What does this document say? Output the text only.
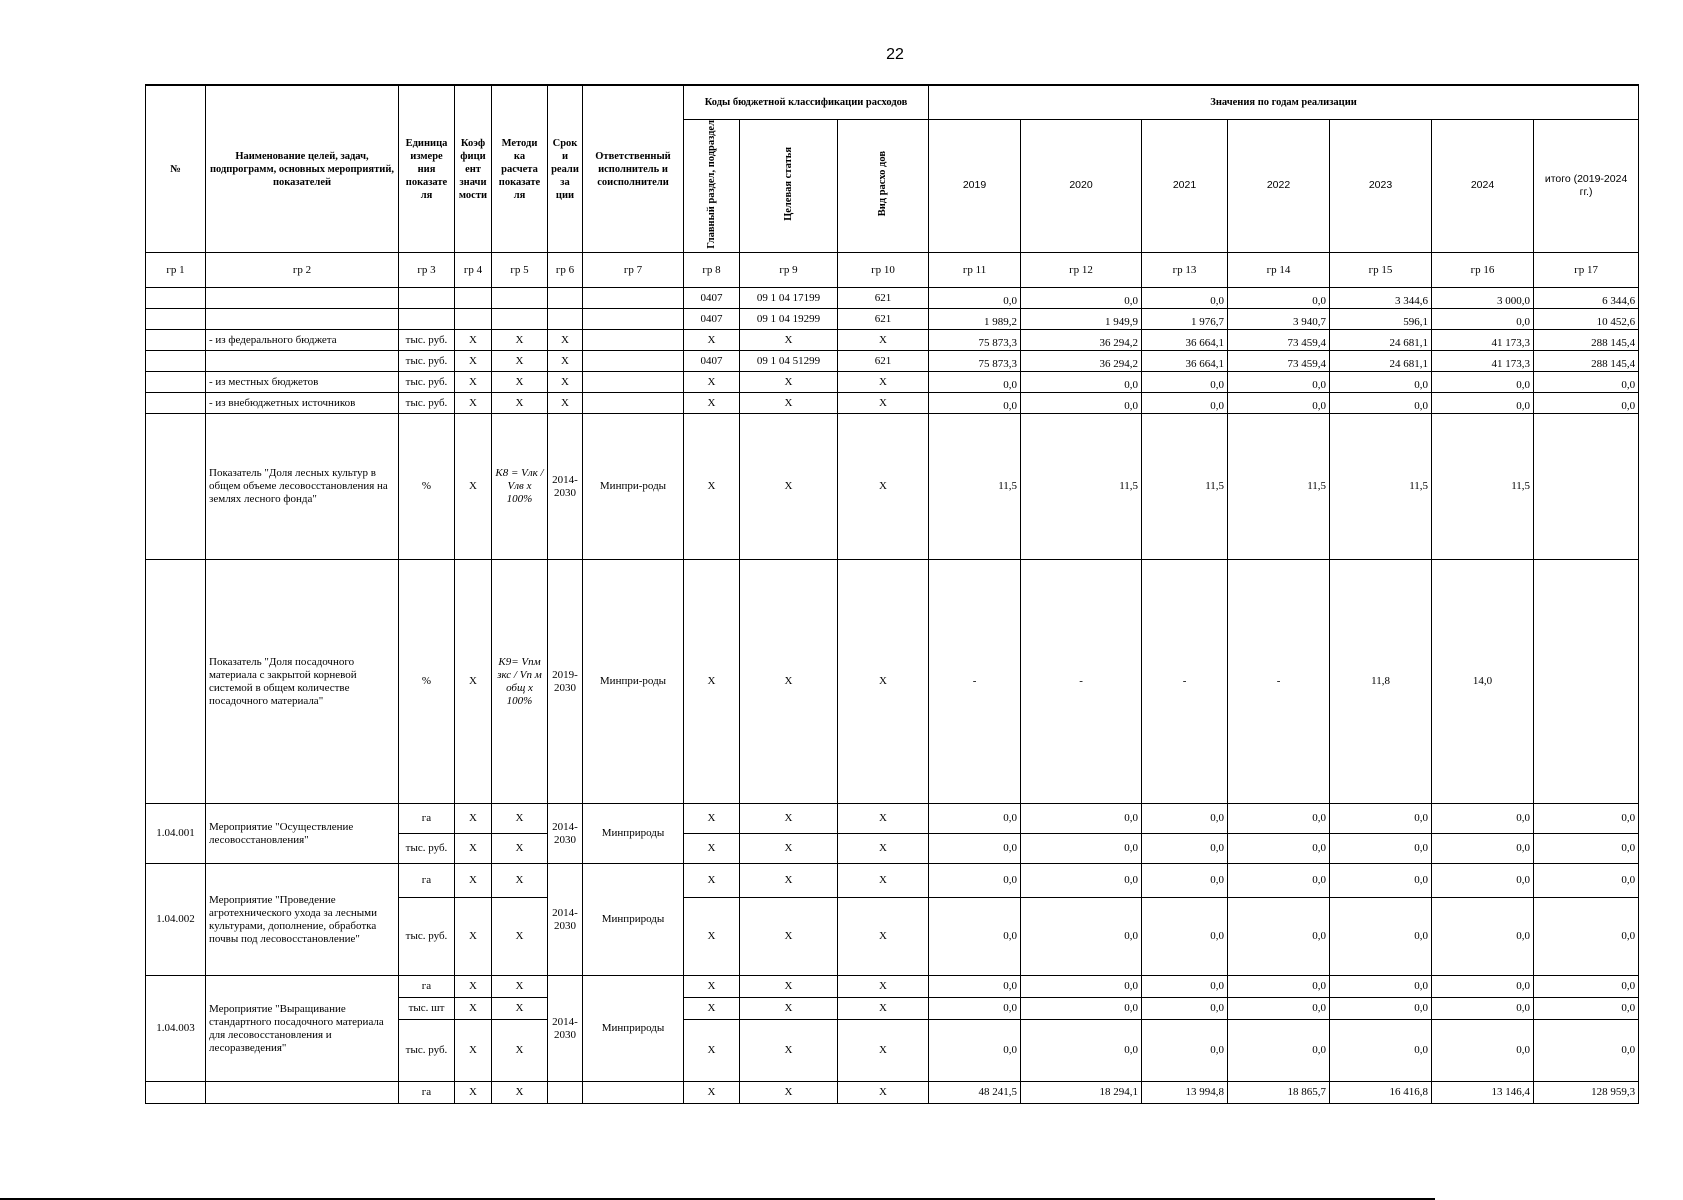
22
№	Наименование целей, задач, подпрограмм, основных мероприятий, показателей	Единица измере ния показате ля	Коэф фици ент значи мости	Методи ка расчета показате ля	Срок и реали за ции	Ответственный исполнитель и соисполнители	Коды бюджетной классификации расходов			Значения по годам реализации						
							Главный раздел, подраздел	Целевая статья	Вид расхо дов	2019	2020	2021	2022	2023	2024	итого (2019-2024 гг.)
гр 1	гр 2	гр 3	гр 4	гр 5	гр 6	гр 7	гр 8	гр 9	гр 10	гр 11	гр 12	гр 13	гр 14	гр 15	гр 16	гр 17
							0407	09 1 04 17199	621	0,0	0,0	0,0	0,0	3 344,6	3 000,0	6 344,6
							0407	09 1 04 19299	621	1 989,2	1 949,9	1 976,7	3 940,7	596,1	0,0	10 452,6
	- из федерального бюджета	тыс. руб.	X	X	X		X	X	X	75 873,3	36 294,2	36 664,1	73 459,4	24 681,1	41 173,3	288 145,4
		тыс. руб.	X	X	X		0407	09 1 04 51299	621	75 873,3	36 294,2	36 664,1	73 459,4	24 681,1	41 173,3	288 145,4
	- из местных бюджетов	тыс. руб.	X	X	X		X	X	X	0,0	0,0	0,0	0,0	0,0	0,0	0,0
	- из внебюджетных источников	тыс. руб.	X	X	X		X	X	X	0,0	0,0	0,0	0,0	0,0	0,0	0,0
	Показатель "Доля лесных культур в общем объеме лесовосстановления на землях лесного фонда"	%	X	K8 = Vлк / Vлв x 100%	2014-2030	Минпри-роды	X	X	X	11,5	11,5	11,5	11,5	11,5	11,5	
	Показатель "Доля посадочного материала с закрытой корневой системой в общем количестве посадочного материала"	%	X	K9= Vпм зкс / Vп м общ х 100%	2019-2030	Минпри-роды	X	X	X	-	-	-	-	11,8	14,0	
1.04.001	Мероприятие "Осуществление лесовосстановления"	га	X	X	2014-2030	Минприроды	X	X	X	0,0	0,0	0,0	0,0	0,0	0,0	0,0
		тыс. руб.	X	X			X	X	X	0,0	0,0	0,0	0,0	0,0	0,0	0,0
1.04.002	Мероприятие "Проведение агротехнического ухода за лесными культурами, дополнение, обработка почвы под лесовосстановление"	га	X	X	2014-2030	Минприроды	X	X	X	0,0	0,0	0,0	0,0	0,0	0,0	0,0
		тыс. руб.	X	X			X	X	X	0,0	0,0	0,0	0,0	0,0	0,0	0,0
1.04.003	Мероприятие "Выращивание стандартного посадочного материала для лесовосстановления и лесоразведения"	га	X	X	2014-2030	Минприроды	X	X	X	0,0	0,0	0,0	0,0	0,0	0,0	0,0
		тыс. шт	X	X			X	X	X	0,0	0,0	0,0	0,0	0,0	0,0	0,0
		тыс. руб.	X	X			X	X	X	0,0	0,0	0,0	0,0	0,0	0,0	0,0
		га	X	X			X	X	X	48 241,5	18 294,1	13 994,8	18 865,7	16 416,8	13 146,4	128 959,3
